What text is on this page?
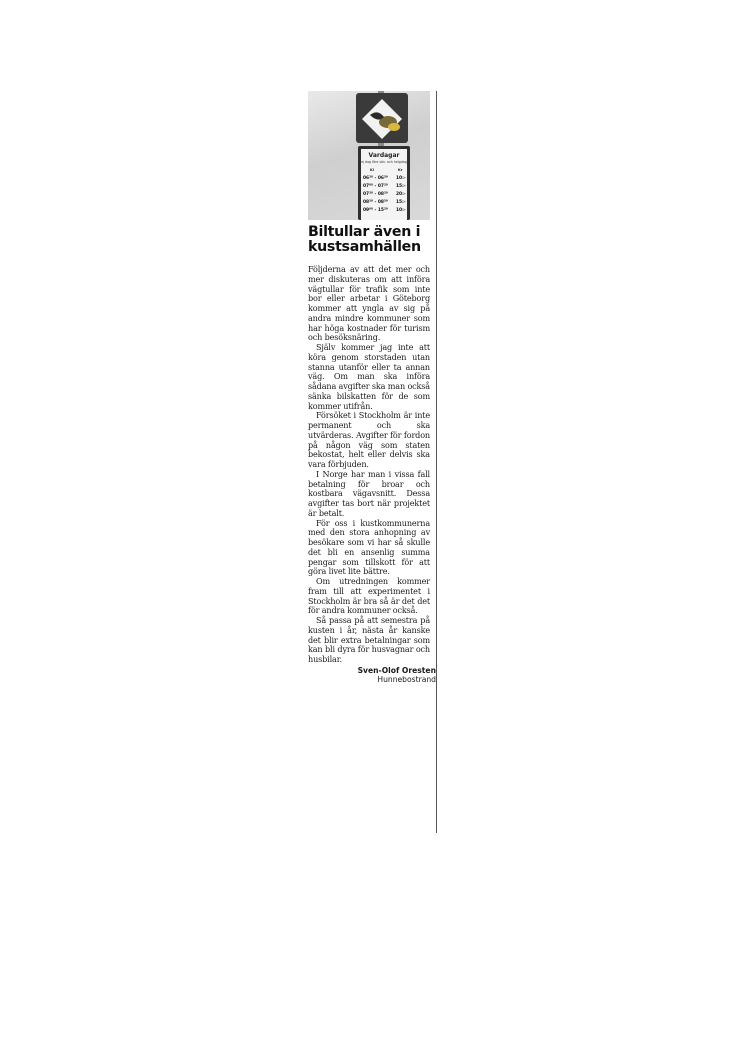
Vardagar
(ej dag före sön- och helgdag)
Kl	Kr
06³⁰ - 06⁵⁹ 10:-
07⁰⁰ - 07²⁹ 15:-
07³⁰ - 08²⁹ 20:-
08³⁰ - 08⁵⁹ 15:-
09⁰⁰ - 15²⁹ 10:-
Biltullar även i kustsamhällen

Följderna av att det mer och mer diskuteras om att införa vägtullar för trafik som inte bor eller arbetar i Göteborg kommer att yngla av sig på andra mindre kommuner som har höga kostnader för turism och besöksnäring.

Själv kommer jag inte att köra genom storstaden utan stanna utanför eller ta annan väg. Om man ska införa sådana avgifter ska man också sänka bilskatten för de som kommer utifrån.

Försöket i Stockholm är inte permanent och ska utvärderas. Avgifter för fordon på någon väg som staten bekostat, helt eller delvis ska vara förbjuden.

I Norge har man i vissa fall betalning för broar och kostbara vägavsnitt. Dessa avgifter tas bort när projektet är betalt.

För oss i kustkommunerna med den stora anhopning av besökare som vi har så skulle det bli en ansenlig summa pengar som tillskott för att göra livet lite bättre.

Om utredningen kommer fram till att experimentet i Stockholm är bra så är det det för andra kommuner också.

Så passa på att semestra på kusten i år, nästa år kanske det blir extra betalningar som kan bli dyra för husvagnar och husbilar.

Sven-Olof Oresten
Hunnebostrand
